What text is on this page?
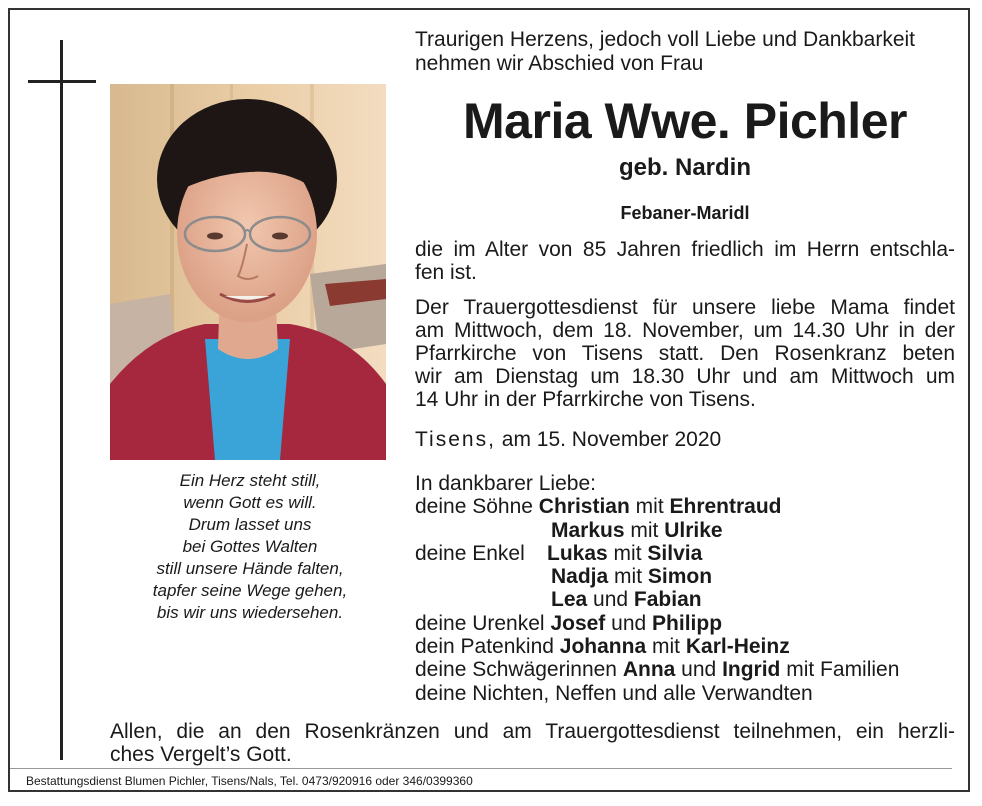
Ein Herz steht still,
wenn Gott es will.
Drum lasset uns
bei Gottes Walten
still unsere Hände falten,
tapfer seine Wege gehen,
bis wir uns wiedersehen.
Traurigen Herzens, jedoch voll Liebe und Dankbarkeit
nehmen wir Abschied von Frau
Maria Wwe. Pichler
geb. Nardin
Febaner-Maridl
die im Alter von 85 Jahren friedlich im Herrn entschla-
fen ist.
Der Trauergottesdienst für unsere liebe Mama findet
am Mittwoch, dem 18. November, um 14.30 Uhr in der
Pfarrkirche von Tisens statt. Den Rosenkranz beten
wir am Dienstag um 18.30 Uhr und am Mittwoch um
14 Uhr in der Pfarrkirche von Tisens.
Tisens, am 15. November 2020
In dankbarer Liebe:
deine Söhne Christian mit Ehrentraud
Markus mit Ulrike
deine Enkel Lukas mit Silvia
Nadja mit Simon
Lea und Fabian
deine Urenkel Josef und Philipp
dein Patenkind Johanna mit Karl-Heinz
deine Schwägerinnen Anna und Ingrid mit Familien
deine Nichten, Neffen und alle Verwandten
Allen, die an den Rosenkränzen und am Trauergottesdienst teilnehmen, ein herzli-
ches Vergelt’s Gott.
Bestattungsdienst Blumen Pichler, Tisens/Nals, Tel. 0473/920916 oder 346/0399360
